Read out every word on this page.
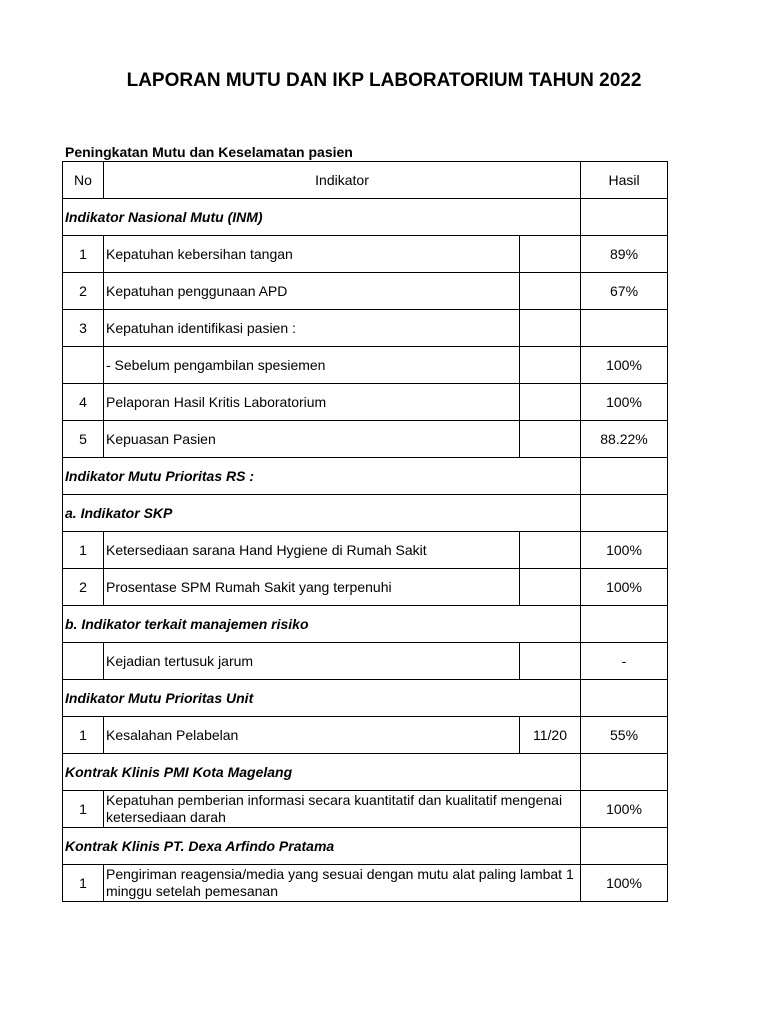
LAPORAN MUTU DAN IKP LABORATORIUM TAHUN 2022
Peningkatan Mutu dan Keselamatan pasien
No	Indikator		Hasil
Indikator Nasional Mutu (INM)			
1	Kepatuhan kebersihan tangan		89%
2	Kepatuhan penggunaan APD		67%
3	Kepatuhan identifikasi pasien :		
	- Sebelum pengambilan spesiemen		100%
4	Pelaporan Hasil Kritis Laboratorium		100%
5	Kepuasan Pasien		88.22%
Indikator Mutu Prioritas RS :			
a. Indikator SKP			
1	Ketersediaan sarana Hand Hygiene di Rumah Sakit		100%
2	Prosentase SPM Rumah Sakit yang terpenuhi		100%
b. Indikator terkait manajemen risiko			
	Kejadian tertusuk jarum		-
Indikator Mutu Prioritas Unit			
1	Kesalahan Pelabelan	11/20	55%
Kontrak Klinis PMI Kota Magelang			
1	Kepatuhan pemberian informasi secara kuantitatif dan kualitatif mengenai ketersediaan darah		100%
Kontrak Klinis PT. Dexa Arfindo Pratama			
1	Pengiriman reagensia/media yang sesuai dengan mutu alat paling lambat 1 minggu setelah pemesanan		100%
